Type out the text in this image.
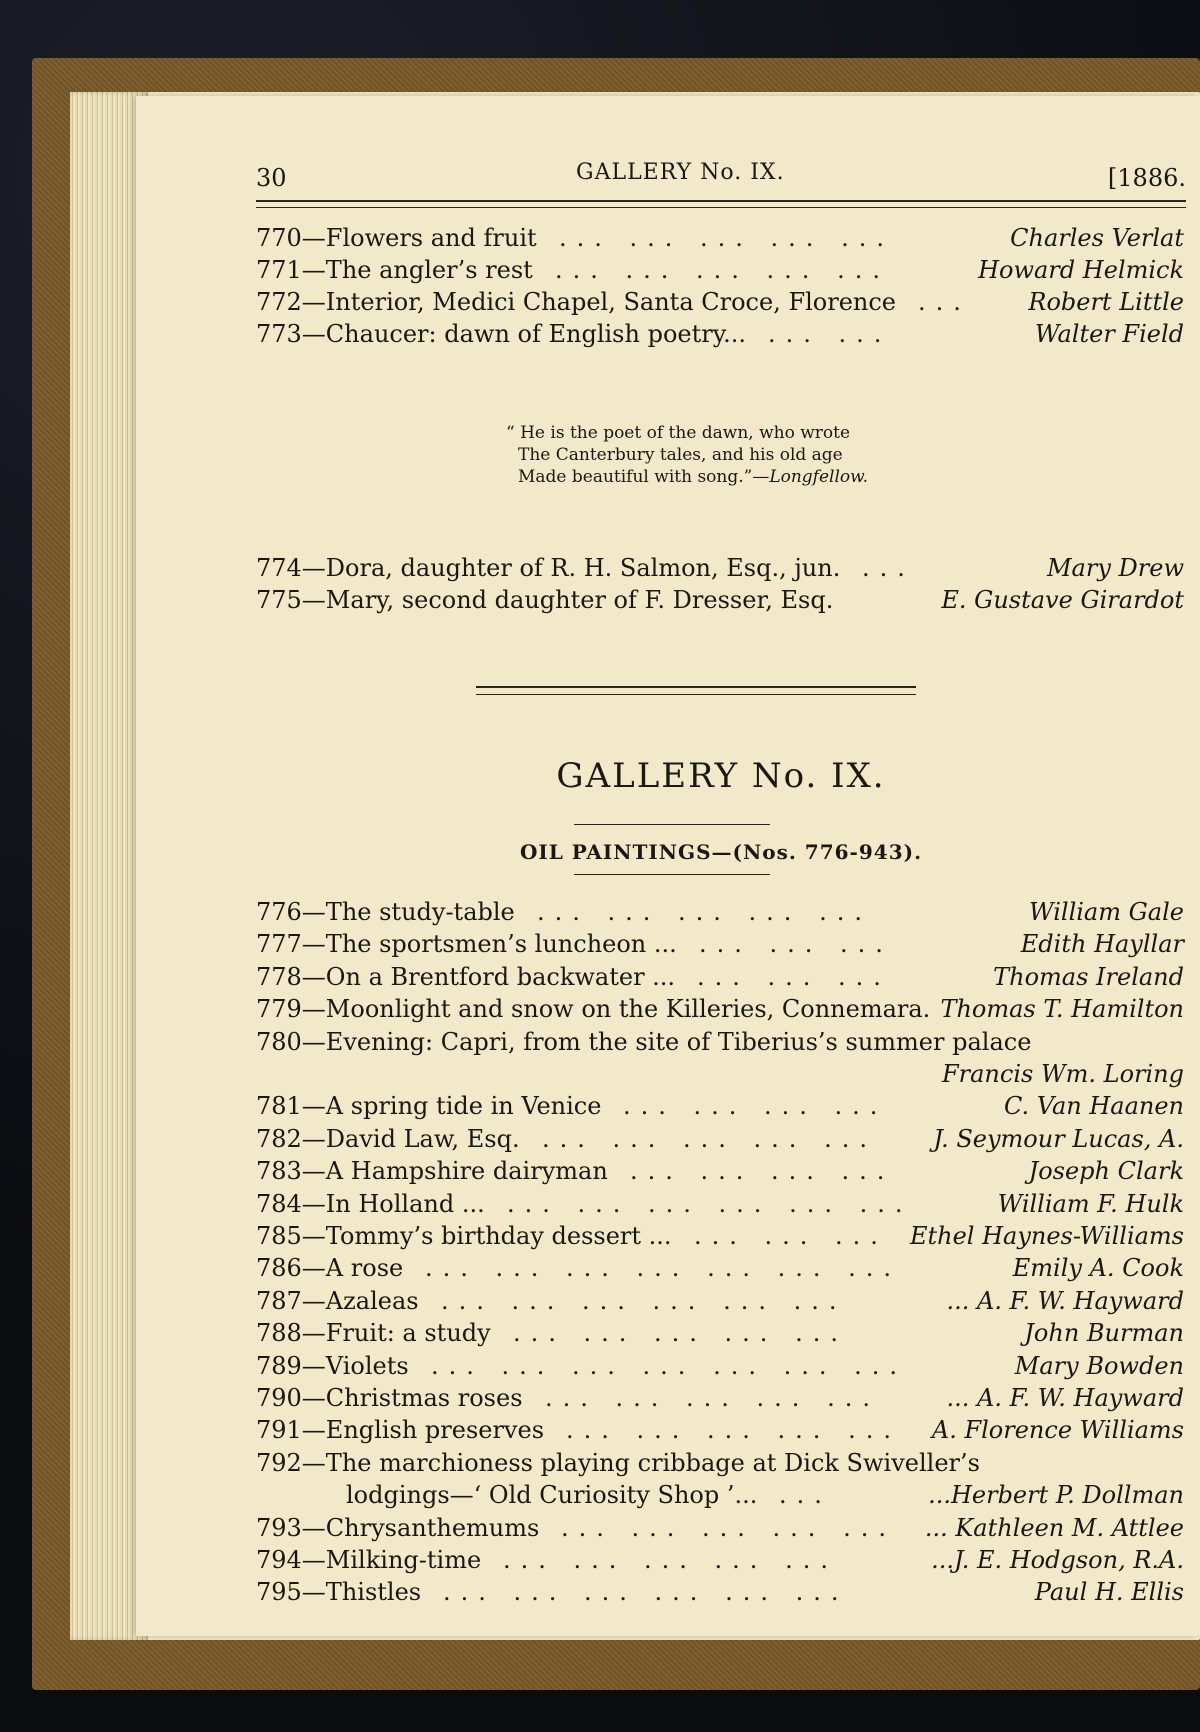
30	GALLERY No. IX.	[1886.
770—Flowers and fruit ... ... ... ... ...	Charles Verlat
771—The angler’s rest ... ... ... ... ...	Howard Helmick
772—Interior, Medici Chapel, Santa Croce, Florence ... Robert Little
773—Chaucer: dawn of English poetry... ... ...	Walter Field
“ He is the poet of the dawn, who wrote
The Canterbury tales, and his old age
Made beautiful with song.”—Longfellow.
774—Dora, daughter of R. H. Salmon, Esq., jun. ...	Mary Drew
775—Mary, second daughter of F. Dresser, Esq.	E. Gustave Girardot
GALLERY No. IX.
OIL PAINTINGS—(Nos. 776-943).
776—The study-table ... ... ... ... ...	William Gale
777—The sportsmen’s luncheon ... ... ... ...	Edith Hayllar
778—On a Brentford backwater ... ... ... ...	Thomas Ireland
779—Moonlight and snow on the Killeries, Connemara. Thomas T. Hamilton
780—Evening: Capri, from the site of Tiberius’s summer palace
Francis Wm. Loring
781—A spring tide in Venice ... ... ... ...	C. Van Haanen
782—David Law, Esq. ... ... ... ... ... J. Seymour Lucas, A.
783—A Hampshire dairyman ... ... ... ...	Joseph Clark
784—In Holland ... ... ... ... ... ... ...	William F. Hulk
785—Tommy’s birthday dessert ... ... ... ... Ethel Haynes-Williams
786—A rose ... ... ... ... ... ... ...	Emily A. Cook
787—Azaleas ... ... ... ... ... ...	... A. F. W. Hayward
788—Fruit: a study ... ... ... ... ...	John Burman
789—Violets ... ... ... ... ... ... ...	Mary Bowden
790—Christmas roses ... ... ... ... ...	... A. F. W. Hayward
791—English preserves ... ... ... ... ... A. Florence Williams
792—The marchioness playing cribbage at Dick Swiveller’s
lodgings—‘ Old Curiosity Shop ’... ...	...Herbert P. Dollman
793—Chrysanthemums ... ... ... ... ... ... Kathleen M. Attlee
794—Milking-time ... ... ... ... ...	...J. E. Hodgson, R.A.
795—Thistles ... ... ... ... ... ...	Paul H. Ellis
